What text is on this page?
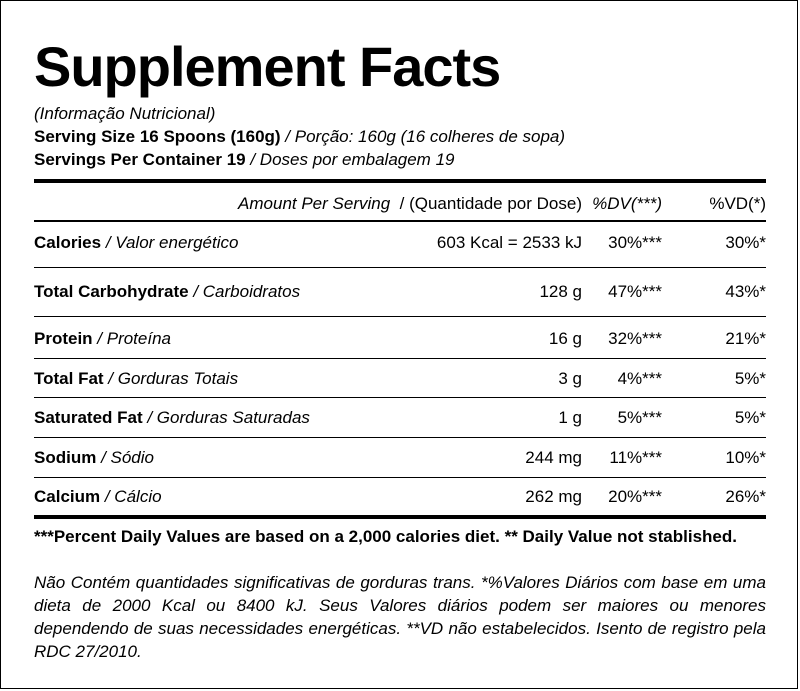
Supplement Facts
(Informação Nutricional)
Serving Size 16 Spoons (160g) / Porção: 160g (16 colheres de sopa)
Servings Per Container 19 / Doses por embalagem 19
Amount Per Serving  / (Quantidade por Dose) %DV(***)	%VD(*)
Calories / Valor energético	603 Kcal = 2533 kJ 30%***	30%*
Total Carbohydrate / Carboidratos	128 g 47%***	43%*
Protein / Proteína	16 g 32%***	21%*
Total Fat / Gorduras Totais	3 g 4%***	5%*
Saturated Fat / Gorduras Saturadas	1 g 5%***	5%*
Sodium / Sódio	244 mg 11%***	10%*
Calcium / Cálcio	262 mg 20%***	26%*
***Percent Daily Values are based on a 2,000 calories diet. ** Daily Value not stablished.
Não Contém quantidades significativas de gorduras trans. *%Valores Diários com base em uma dieta de 2000 Kcal ou 8400 kJ. Seus Valores diários podem ser maiores ou menores dependendo de suas necessidades energéticas. **VD não estabelecidos. Isento de registro pela RDC 27/2010.
